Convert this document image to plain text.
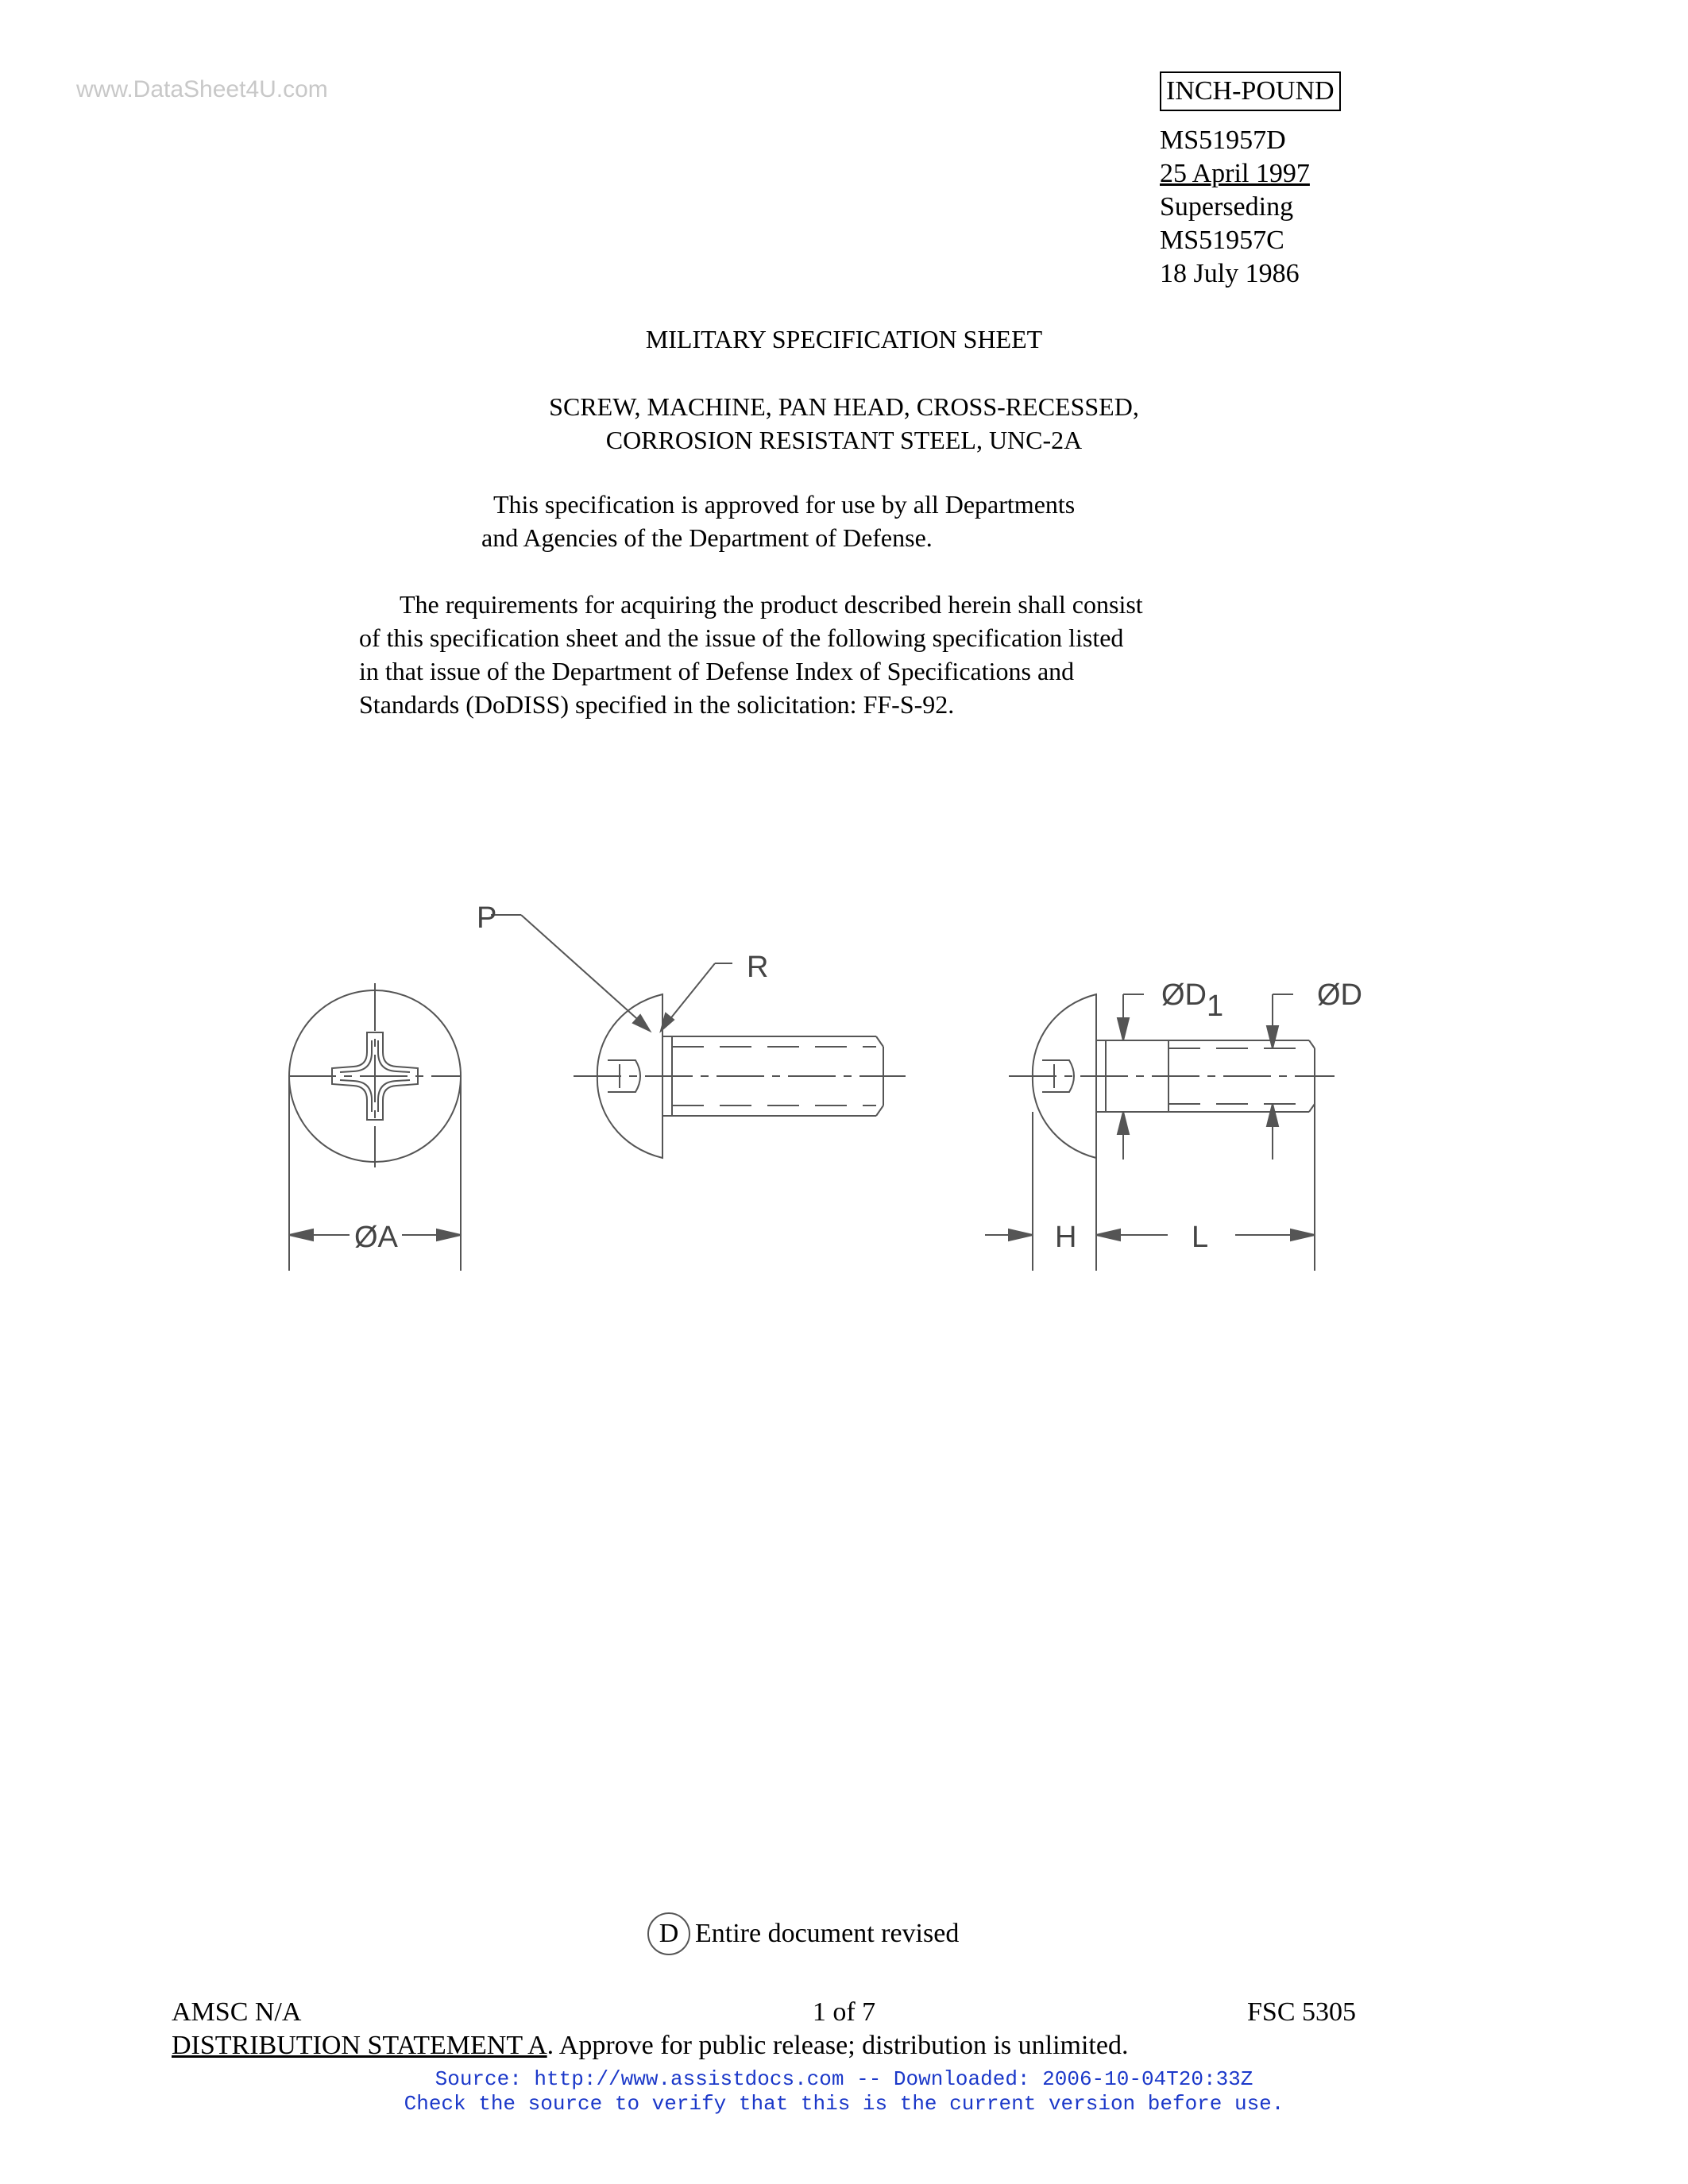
www.DataSheet4U.com	INCH-POUND
MS51957D
25 April 1997
Superseding
MS51957C
18 July 1986
MILITARY SPECIFICATION SHEET
SCREW, MACHINE, PAN HEAD, CROSS-RECESSED,
CORROSION RESISTANT STEEL, UNC-2A
This specification is approved for use by all Departments
and Agencies of the Department of Defense.
The requirements for acquiring the product described herein shall consist
of this specification sheet and the issue of the following specification listed
in that issue of the Department of Defense Index of Specifications and
Standards (DoDISS) specified in the solicitation: FF-S-92.
P
R
ØA
ØD1	ØD
H	L
D Entire document revised
AMSC N/A	1 of 7	FSC 5305
DISTRIBUTION STATEMENT A. Approve for public release; distribution is unlimited.
Source: http://www.assistdocs.com -- Downloaded: 2006-10-04T20:33Z
Check the source to verify that this is the current version before use.
